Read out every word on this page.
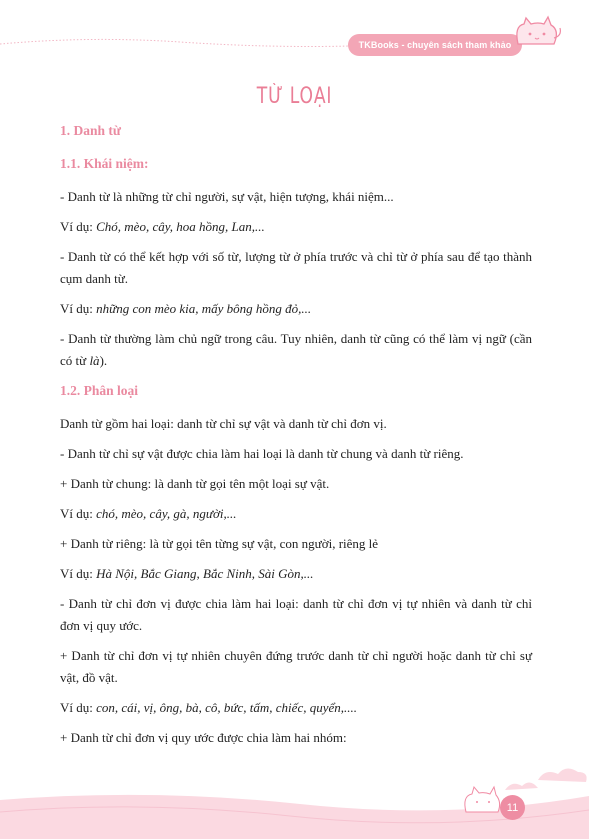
TKBooks - chuyên sách tham khảo
TỪ LOẠI
1. Danh từ
1.1. Khái niệm:

- Danh từ là những từ chỉ người, sự vật, hiện tượng, khái niệm...

Ví dụ: Chó, mèo, cây, hoa hồng, Lan,...

- Danh từ có thể kết hợp với số từ, lượng từ ở phía trước và chỉ từ ở phía sau để tạo thành cụm danh từ.

Ví dụ: những con mèo kia, mấy bông hồng đỏ,...

- Danh từ thường làm chủ ngữ trong câu. Tuy nhiên, danh từ cũng có thể làm vị ngữ (cần có từ là).

1.2. Phân loại

Danh từ gồm hai loại: danh từ chỉ sự vật và danh từ chỉ đơn vị.

- Danh từ chỉ sự vật được chia làm hai loại là danh từ chung và danh từ riêng.

+ Danh từ chung: là danh từ gọi tên một loại sự vật.

Ví dụ: chó, mèo, cây, gà, người,...

+ Danh từ riêng: là từ gọi tên từng sự vật, con người, riêng lẻ

Ví dụ: Hà Nội, Bắc Giang, Bắc Ninh, Sài Gòn,...

- Danh từ chỉ đơn vị được chia làm hai loại: danh từ chỉ đơn vị tự nhiên và danh từ chỉ đơn vị quy ước.

+ Danh từ chỉ đơn vị tự nhiên chuyên đứng trước danh từ chỉ người hoặc danh từ chỉ sự vật, đồ vật.

Ví dụ: con, cái, vị, ông, bà, cô, bức, tấm, chiếc, quyển,....

+ Danh từ chỉ đơn vị quy ước được chia làm hai nhóm:

11
